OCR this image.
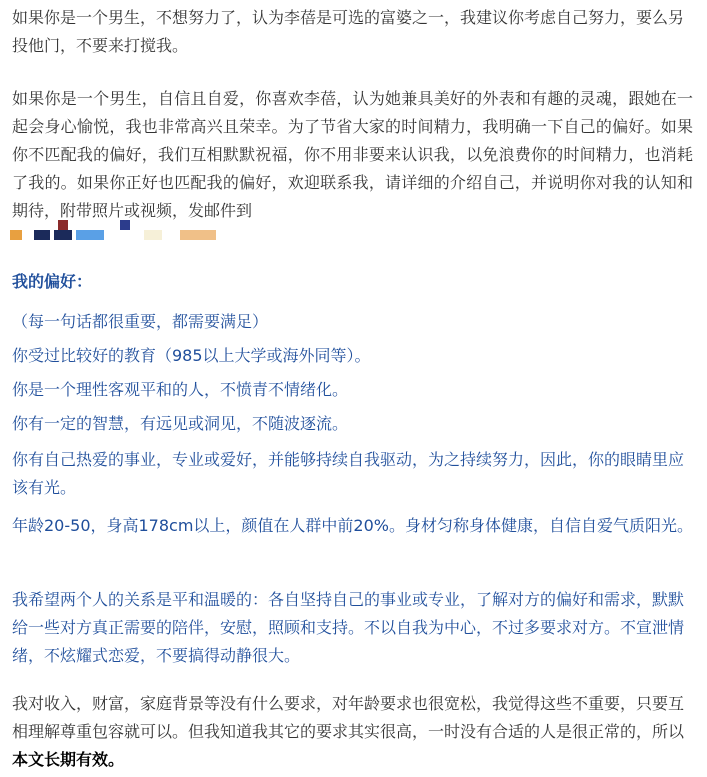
如果你是一个男生，不想努力了，认为李蓓是可选的富婆之一，我建议你考虑自己努力，要么另投他门，不要来打搅我。

如果你是一个男生，自信且自爱，你喜欢李蓓，认为她兼具美好的外表和有趣的灵魂，跟她在一起会身心愉悦，我也非常高兴且荣幸。为了节省大家的时间精力，我明确一下自己的偏好。如果你不匹配我的偏好，我们互相默默祝福，你不用非要来认识我，以免浪费你的时间精力，也消耗了我的。如果你正好也匹配我的偏好，欢迎联系我，请详细的介绍自己，并说明你对我的认知和期待，附带照片或视频，发邮件到

我的偏好：

（每一句话都很重要，都需要满足）

你受过比较好的教育（985以上大学或海外同等）。

你是一个理性客观平和的人，不愤青不情绪化。

你有一定的智慧，有远见或洞见，不随波逐流。

你有自己热爱的事业，专业或爱好，并能够持续自我驱动，为之持续努力，因此，你的眼睛里应该有光。

年龄20-50，身高178cm以上，颜值在人群中前20%。身材匀称身体健康，自信自爱气质阳光。

我希望两个人的关系是平和温暖的：各自坚持自己的事业或专业，了解对方的偏好和需求，默默给一些对方真正需要的陪伴，安慰，照顾和支持。不以自我为中心，不过多要求对方。不宣泄情绪，不炫耀式恋爱，不要搞得动静很大。

我对收入，财富，家庭背景等没有什么要求，对年龄要求也很宽松，我觉得这些不重要，只要互相理解尊重包容就可以。但我知道我其它的要求其实很高，一时没有合适的人是很正常的，所以本文长期有效。
